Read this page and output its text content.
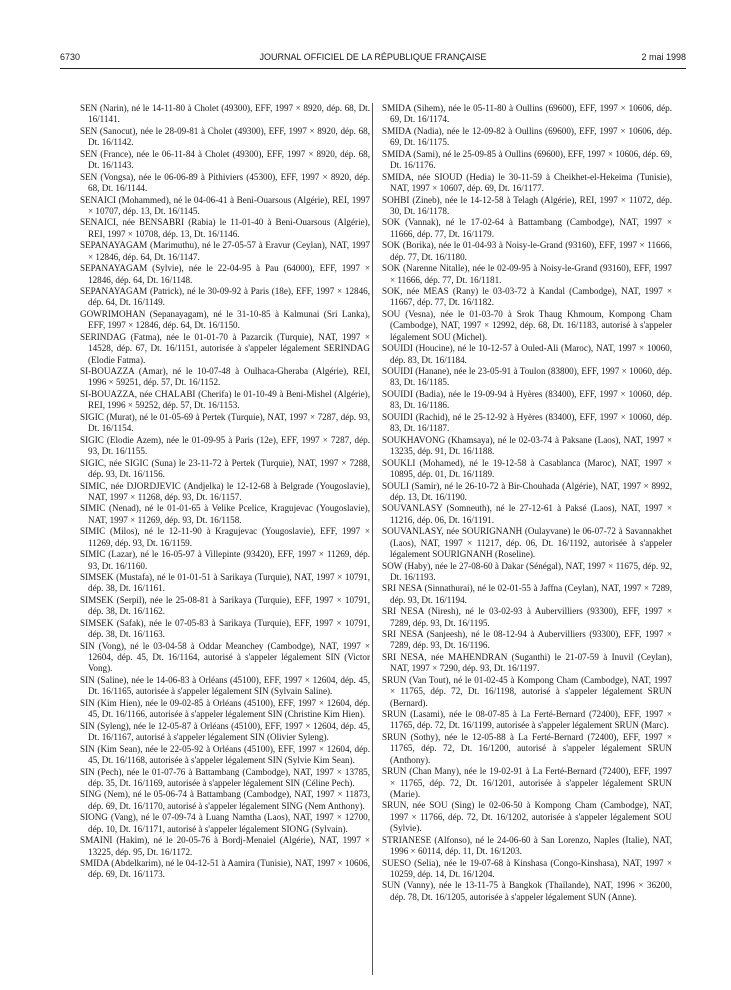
6730	JOURNAL OFFICIEL DE LA RÉPUBLIQUE FRANÇAISE	2 mai 1998

SEN (Narin), né le 14-11-80 à Cholet (49300), EFF, 1997 × 8920, dép. 68, Dt. 16/1141.

SEN (Sanocut), née le 28-09-81 à Cholet (49300), EFF, 1997 × 8920, dép. 68, Dt. 16/1142.

SEN (France), née le 06-11-84 à Cholet (49300), EFF, 1997 × 8920, dép. 68, Dt. 16/1143.

SEN (Vongsa), née le 06-06-89 à Pithiviers (45300), EFF, 1997 × 8920, dép. 68, Dt. 16/1144.

SENAICI (Mohammed), né le 04-06-41 à Beni-Ouarsous (Algérie), REI, 1997 × 10707, dép. 13, Dt. 16/1145.

SENAICI, née BENSABRI (Rabia) le 11-01-40 à Beni-Ouarsous (Algérie), REI, 1997 × 10708, dép. 13, Dt. 16/1146.

SEPANAYAGAM (Marimuthu), né le 27-05-57 à Eravur (Ceylan), NAT, 1997 × 12846, dép. 64, Dt. 16/1147.

SEPANAYAGAM (Sylvie), née le 22-04-95 à Pau (64000), EFF, 1997 × 12846, dép. 64, Dt. 16/1148.

SEPANAYAGAM (Patrick), né le 30-09-92 à Paris (18e), EFF, 1997 × 12846, dép. 64, Dt. 16/1149.

GOWRIMOHAN (Sepanayagam), né le 31-10-85 à Kalmunai (Sri Lanka), EFF, 1997 × 12846, dép. 64, Dt. 16/1150.

SERINDAG (Fatma), née le 01-01-70 à Pazarcik (Turquie), NAT, 1997 × 14528, dép. 67, Dt. 16/1151, autorisée à s'appeler légalement SERINDAG (Elodie Fatma).

SI-BOUAZZA (Amar), né le 10-07-48 à Oulhaca-Gheraba (Algérie), REI, 1996 × 59251, dép. 57, Dt. 16/1152.

SI-BOUAZZA, née CHALABI (Cherifa) le 01-10-49 à Beni-Mishel (Algérie), REI, 1996 × 59252, dép. 57, Dt. 16/1153.

SIGIC (Murat), né le 01-05-69 à Pertek (Turquie), NAT, 1997 × 7287, dép. 93, Dt. 16/1154.

SIGIC (Elodie Azem), née le 01-09-95 à Paris (12e), EFF, 1997 × 7287, dép. 93, Dt. 16/1155.

SIGIC, née SIGIC (Suna) le 23-11-72 à Pertek (Turquie), NAT, 1997 × 7288, dép. 93, Dt. 16/1156.

SIMIC, née DJORDJEVIC (Andjelka) le 12-12-68 à Belgrade (Yougoslavie), NAT, 1997 × 11268, dép. 93, Dt. 16/1157.

SIMIC (Nenad), né le 01-01-65 à Velike Pcelice, Kragujevac (Yougoslavie), NAT, 1997 × 11269, dép. 93, Dt. 16/1158.

SIMIC (Milos), né le 12-11-90 à Kragujevac (Yougoslavie), EFF, 1997 × 11269, dép. 93, Dt. 16/1159.

SIMIC (Lazar), né le 16-05-97 à Villepinte (93420), EFF, 1997 × 11269, dép. 93, Dt. 16/1160.

SIMSEK (Mustafa), né le 01-01-51 à Sarikaya (Turquie), NAT, 1997 × 10791, dép. 38, Dt. 16/1161.

SIMSEK (Serpil), née le 25-08-81 à Sarikaya (Turquie), EFF, 1997 × 10791, dép. 38, Dt. 16/1162.

SIMSEK (Safak), née le 07-05-83 à Sarikaya (Turquie), EFF, 1997 × 10791, dép. 38, Dt. 16/1163.

SIN (Vong), né le 03-04-58 à Oddar Meanchey (Cambodge), NAT, 1997 × 12604, dép. 45, Dt. 16/1164, autorisé à s'appeler légalement SIN (Victor Vong).

SIN (Saline), née le 14-06-83 à Orléans (45100), EFF, 1997 × 12604, dép. 45, Dt. 16/1165, autorisée à s'appeler légalement SIN (Sylvain Saline).

SIN (Kim Hien), née le 09-02-85 à Orléans (45100), EFF, 1997 × 12604, dép. 45, Dt. 16/1166, autorisée à s'appeler légalement SIN (Christine Kim Hien).

SIN (Syleng), née le 12-05-87 à Orléans (45100), EFF, 1997 × 12604, dép. 45, Dt. 16/1167, autorisé à s'appeler légalement SIN (Olivier Syleng).

SIN (Kim Sean), née le 22-05-92 à Orléans (45100), EFF, 1997 × 12604, dép. 45, Dt. 16/1168, autorisée à s'appeler légalement SIN (Sylvie Kim Sean).

SIN (Pech), née le 01-07-76 à Battambang (Cambodge), NAT, 1997 × 13785, dép. 35, Dt. 16/1169, autorisée à s'appeler légalement SIN (Céline Pech).

SING (Nem), né le 05-06-74 à Battambang (Cambodge), NAT, 1997 × 11873, dép. 69, Dt. 16/1170, autorisé à s'appeler légalement SING (Nem Anthony).

SIONG (Vang), né le 07-09-74 à Luang Namtha (Laos), NAT, 1997 × 12700, dép. 10, Dt. 16/1171, autorisé à s'appeler légalement SIONG (Sylvain).

SMAINI (Hakim), né le 20-05-76 à Bordj-Menaiel (Algérie), NAT, 1997 × 13225, dép. 95, Dt. 16/1172.

SMIDA (Abdelkarim), né le 04-12-51 à Aamira (Tunisie), NAT, 1997 × 10606, dép. 69, Dt. 16/1173.

SMIDA (Sihem), née le 05-11-80 à Oullins (69600), EFF, 1997 × 10606, dép. 69, Dt. 16/1174.

SMIDA (Nadia), née le 12-09-82 à Oullins (69600), EFF, 1997 × 10606, dép. 69, Dt. 16/1175.

SMIDA (Sami), né le 25-09-85 à Oullins (69600), EFF, 1997 × 10606, dép. 69, Dt. 16/1176.

SMIDA, née SIOUD (Hedia) le 30-11-59 à Cheikhet-el-Hekeima (Tunisie), NAT, 1997 × 10607, dép. 69, Dt. 16/1177.

SOHBI (Zineb), née le 14-12-58 à Telagh (Algérie), REI, 1997 × 11072, dép. 30, Dt. 16/1178.

SOK (Vannak), né le 17-02-64 à Battambang (Cambodge), NAT, 1997 × 11666, dép. 77, Dt. 16/1179.

SOK (Borika), née le 01-04-93 à Noisy-le-Grand (93160), EFF, 1997 × 11666, dép. 77, Dt. 16/1180.

SOK (Narenne Nitalle), née le 02-09-95 à Noisy-le-Grand (93160), EFF, 1997 × 11666, dép. 77, Dt. 16/1181.

SOK, née MEAS (Rany) le 03-03-72 à Kandal (Cambodge), NAT, 1997 × 11667, dép. 77, Dt. 16/1182.

SOU (Vesna), née le 01-03-70 à Srok Thaug Khmoum, Kompong Cham (Cambodge), NAT, 1997 × 12992, dép. 68, Dt. 16/1183, autorisé à s'appeler légalement SOU (Michel).

SOUIDI (Houcine), né le 10-12-57 à Ouled-Ali (Maroc), NAT, 1997 × 10060, dép. 83, Dt. 16/1184.

SOUIDI (Hanane), née le 23-05-91 à Toulon (83800), EFF, 1997 × 10060, dép. 83, Dt. 16/1185.

SOUIDI (Badia), née le 19-09-94 à Hyères (83400), EFF, 1997 × 10060, dép. 83, Dt. 16/1186.

SOUIDI (Rachid), né le 25-12-92 à Hyères (83400), EFF, 1997 × 10060, dép. 83, Dt. 16/1187.

SOUKHAVONG (Khamsaya), né le 02-03-74 à Paksane (Laos), NAT, 1997 × 13235, dép. 91, Dt. 16/1188.

SOUKLI (Mohamed), né le 19-12-58 à Casablanca (Maroc), NAT, 1997 × 10895, dép. 01, Dt. 16/1189.

SOULI (Samir), né le 26-10-72 à Bir-Chouhada (Algérie), NAT, 1997 × 8992, dép. 13, Dt. 16/1190.

SOUVANLASY (Somneuth), né le 27-12-61 à Paksé (Laos), NAT, 1997 × 11216, dép. 06, Dt. 16/1191.

SOUVANLASY, née SOURIGNANH (Oulayvane) le 06-07-72 à Savannakhet (Laos), NAT, 1997 × 11217, dép. 06, Dt. 16/1192, autorisée à s'appeler légalement SOURIGNANH (Roseline).

SOW (Haby), née le 27-08-60 à Dakar (Sénégal), NAT, 1997 × 11675, dép. 92, Dt. 16/1193.

SRI NESA (Sinnathurai), né le 02-01-55 à Jaffna (Ceylan), NAT, 1997 × 7289, dép. 93, Dt. 16/1194.

SRI NESA (Niresh), né le 03-02-93 à Aubervilliers (93300), EFF, 1997 × 7289, dép. 93, Dt. 16/1195.

SRI NESA (Sanjeesh), né le 08-12-94 à Aubervilliers (93300), EFF, 1997 × 7289, dép. 93, Dt. 16/1196.

SRI NESA, née MAHENDRAN (Suganthi) le 21-07-59 à Inuvil (Ceylan), NAT, 1997 × 7290, dép. 93, Dt. 16/1197.

SRUN (Van Tout), né le 01-02-45 à Kompong Cham (Cambodge), NAT, 1997 × 11765, dép. 72, Dt. 16/1198, autorisé à s'appeler légalement SRUN (Bernard).

SRUN (Lasami), née le 08-07-85 à La Ferté-Bernard (72400), EFF, 1997 × 11765, dép. 72, Dt. 16/1199, autorisée à s'appeler légalement SRUN (Marc).

SRUN (Sothy), née le 12-05-88 à La Ferté-Bernard (72400), EFF, 1997 × 11765, dép. 72, Dt. 16/1200, autorisé à s'appeler légalement SRUN (Anthony).

SRUN (Chan Many), née le 19-02-91 à La Ferté-Bernard (72400), EFF, 1997 × 11765, dép. 72, Dt. 16/1201, autorisée à s'appeler légalement SRUN (Marie).

SRUN, née SOU (Sing) le 02-06-50 à Kompong Cham (Cambodge), NAT, 1997 × 11766, dép. 72, Dt. 16/1202, autorisée à s'appeler légalement SOU (Sylvie).

STRIANESE (Alfonso), né le 24-06-60 à San Lorenzo, Naples (Italie), NAT, 1996 × 60114, dép. 11, Dt. 16/1203.

SUESO (Selia), née le 19-07-68 à Kinshasa (Congo-Kinshasa), NAT, 1997 × 10259, dép. 14, Dt. 16/1204.

SUN (Vanny), née le 13-11-75 à Bangkok (Thaïlande), NAT, 1996 × 36200, dép. 78, Dt. 16/1205, autorisée à s'appeler légalement SUN (Anne).
